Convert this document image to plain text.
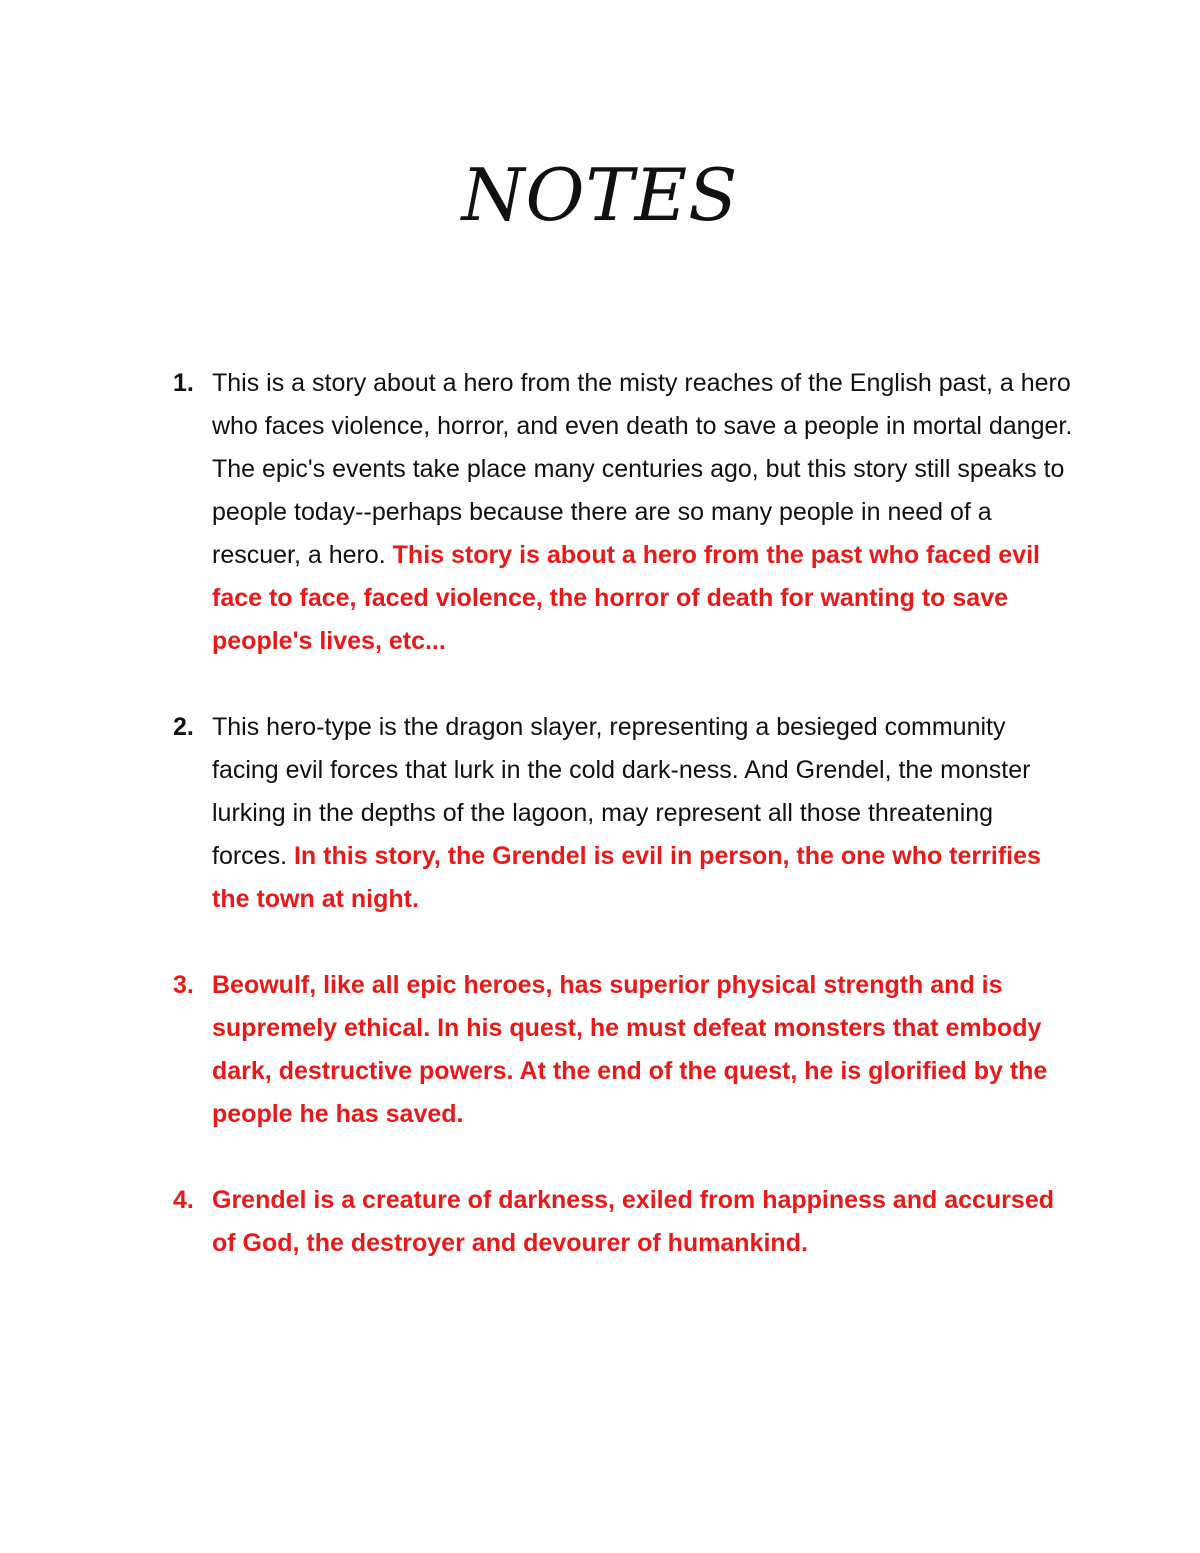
NOTES
1. This is a story about a hero from the misty reaches of the English past, a hero who faces violence, horror, and even death to save a people in mortal danger. The epic's events take place many centuries ago, but this story still speaks to people today--perhaps because there are so many people in need of a rescuer, a hero. This story is about a hero from the past who faced evil face to face, faced violence, the horror of death for wanting to save people's lives, etc...
2. This hero-type is the dragon slayer, representing a besieged community facing evil forces that lurk in the cold dark-ness. And Grendel, the monster lurking in the depths of the lagoon, may represent all those threatening forces. In this story, the Grendel is evil in person, the one who terrifies the town at night.
3. Beowulf, like all epic heroes, has superior physical strength and is supremely ethical. In his quest, he must defeat monsters that embody dark, destructive powers. At the end of the quest, he is glorified by the people he has saved.
4. Grendel is a creature of darkness, exiled from happiness and accursed of God, the destroyer and devourer of humankind.
